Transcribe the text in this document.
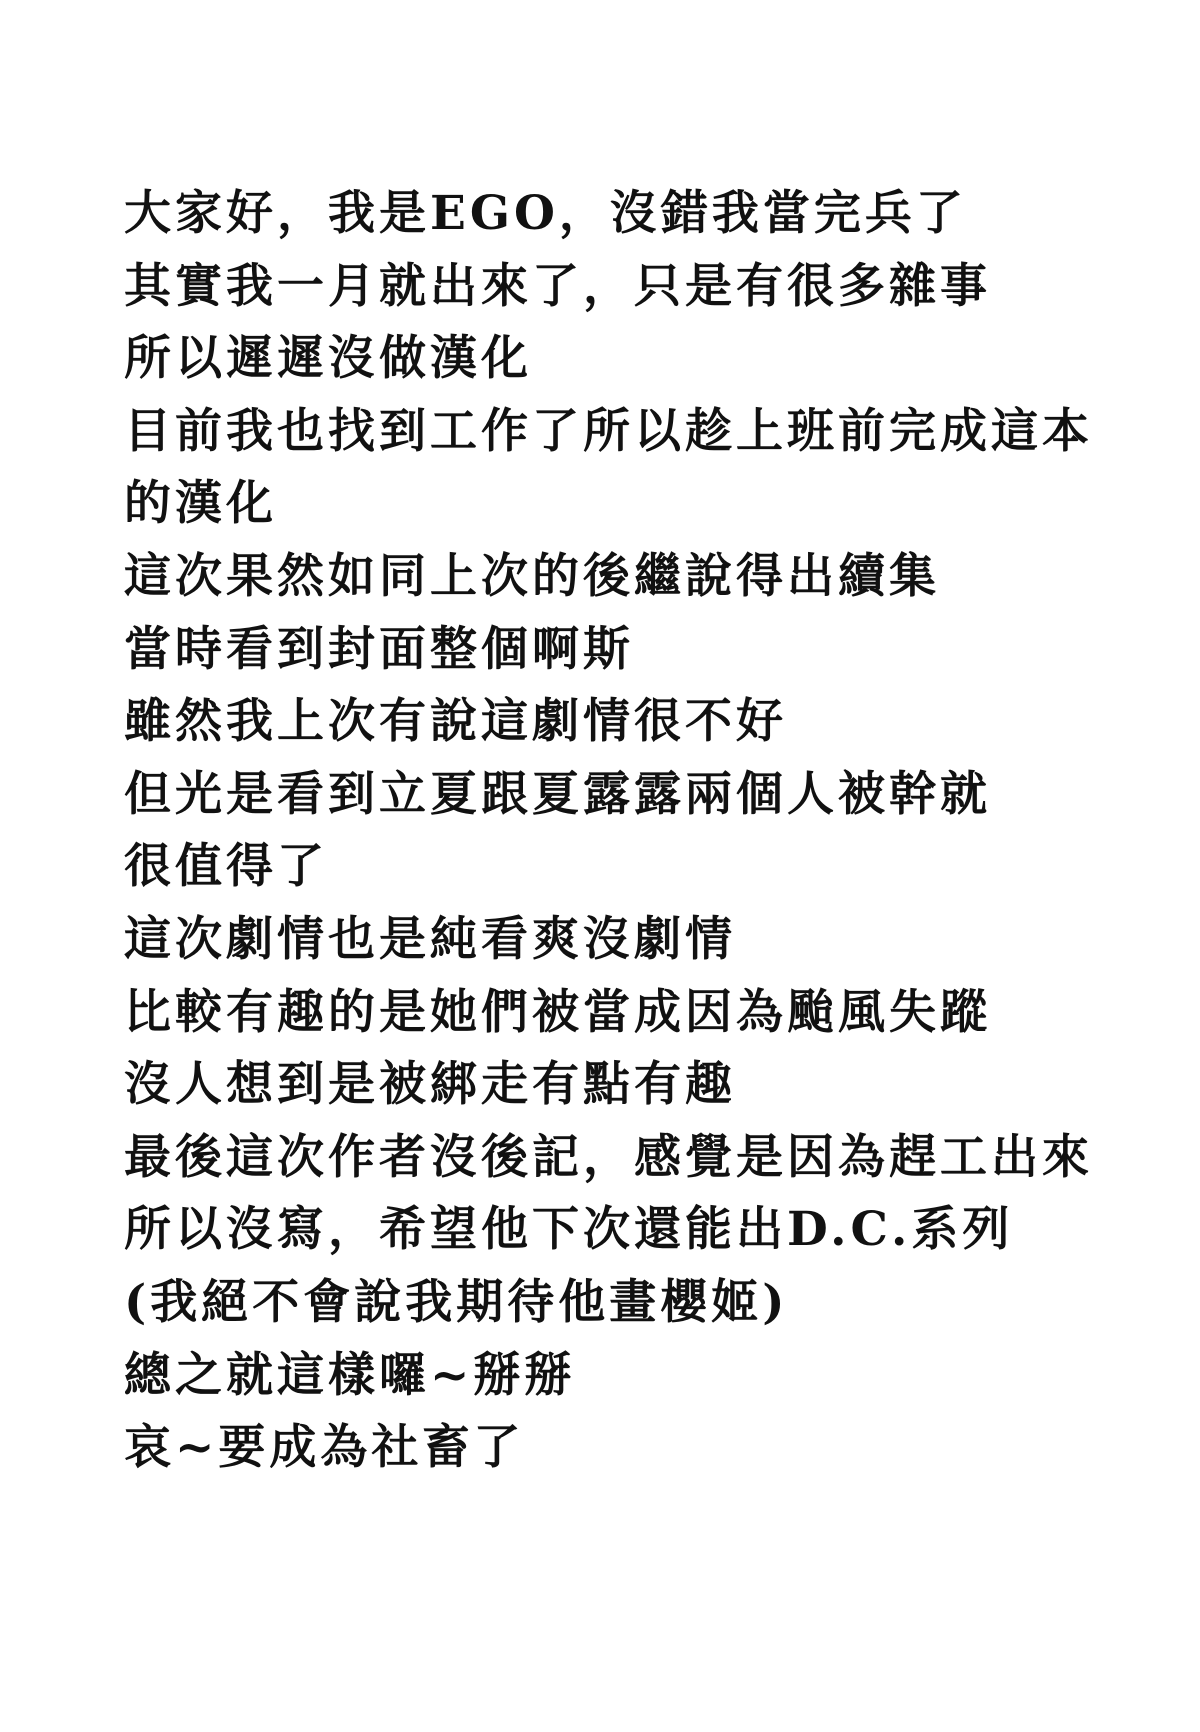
大家好，我是EGO，沒錯我當完兵了
其實我一月就出來了，只是有很多雜事
所以遲遲沒做漢化
目前我也找到工作了所以趁上班前完成這本
的漢化
這次果然如同上次的後繼說得出續集
當時看到封面整個啊斯
雖然我上次有說這劇情很不好
但光是看到立夏跟夏露露兩個人被幹就
很值得了
這次劇情也是純看爽沒劇情
比較有趣的是她們被當成因為颱風失蹤
沒人想到是被綁走有點有趣
最後這次作者沒後記，感覺是因為趕工出來
所以沒寫，希望他下次還能出D.C.系列
(我絕不會說我期待他畫櫻姬)
總之就這樣囉~掰掰
哀~要成為社畜了
